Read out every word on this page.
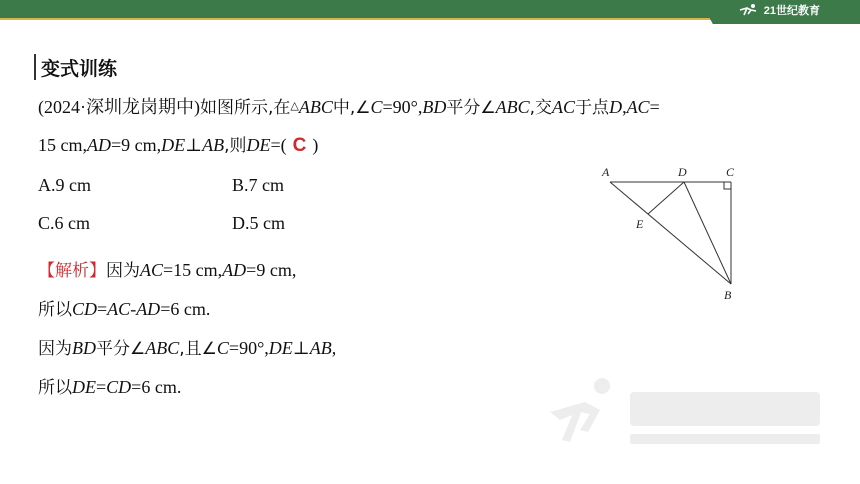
21世纪教育
变式训练
(2024·深圳龙岗期中)如图所示,在△ABC中,∠C=90°,BD平分∠ABC,交AC于点D,AC=
15 cm,AD=9 cm,DE⊥AB,则DE=( C )
A.9 cm	B.7 cm
C.6 cm	D.5 cm
A	D	C
E
B
【解析】因为AC=15 cm,AD=9 cm,
所以CD=AC-AD=6 cm.
因为BD平分∠ABC,且∠C=90°,DE⊥AB,
所以DE=CD=6 cm.
